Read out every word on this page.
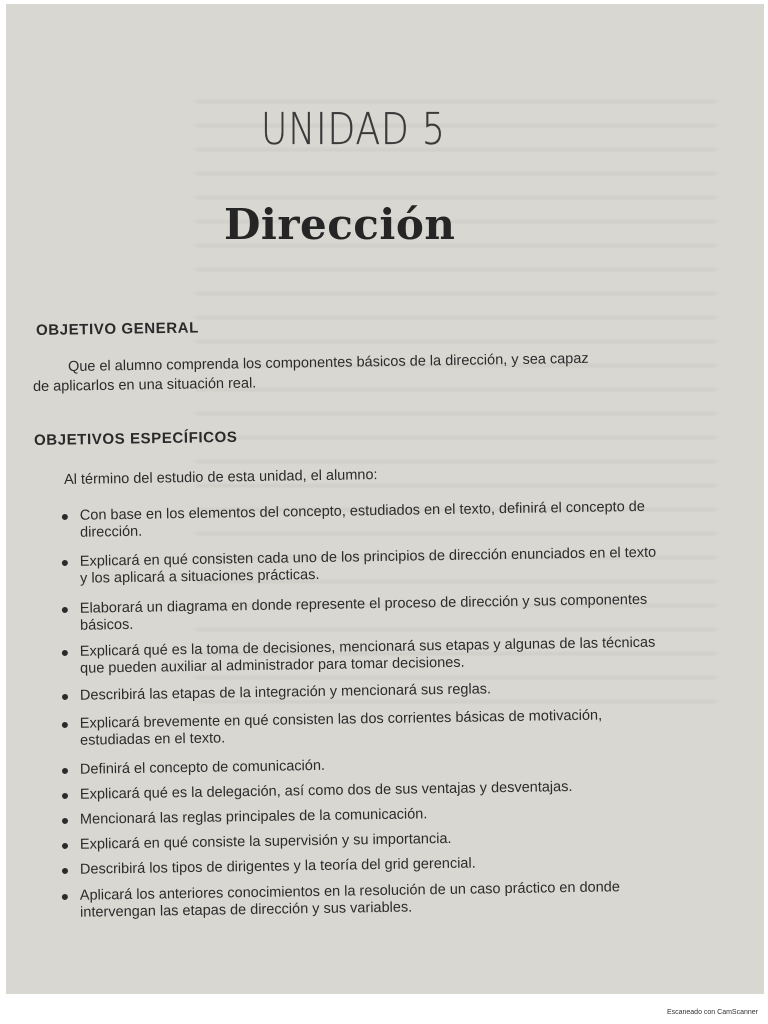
UNIDAD 5
Dirección
OBJETIVO GENERAL
Que el alumno comprenda los componentes básicos de la dirección, y sea capaz
de aplicarlos en una situación real.
OBJETIVOS ESPECÍFICOS
Al término del estudio de esta unidad, el alumno:
Con base en los elementos del concepto, estudiados en el texto, definirá el concepto de dirección.
Explicará en qué consisten cada uno de los principios de dirección enunciados en el texto y los aplicará a situaciones prácticas.
Elaborará un diagrama en donde represente el proceso de dirección y sus componentes básicos.
Explicará qué es la toma de decisiones, mencionará sus etapas y algunas de las técnicas que pueden auxiliar al administrador para tomar decisiones.
Describirá las etapas de la integración y mencionará sus reglas.
Explicará brevemente en qué consisten las dos corrientes básicas de motivación, estudiadas en el texto.
Definirá el concepto de comunicación.
Explicará qué es la delegación, así como dos de sus ventajas y desventajas.
Mencionará las reglas principales de la comunicación.
Explicará en qué consiste la supervisión y su importancia.
Describirá los tipos de dirigentes y la teoría del grid gerencial.
Aplicará los anteriores conocimientos en la resolución de un caso práctico en donde intervengan las etapas de dirección y sus variables.
Escaneado con CamScanner
